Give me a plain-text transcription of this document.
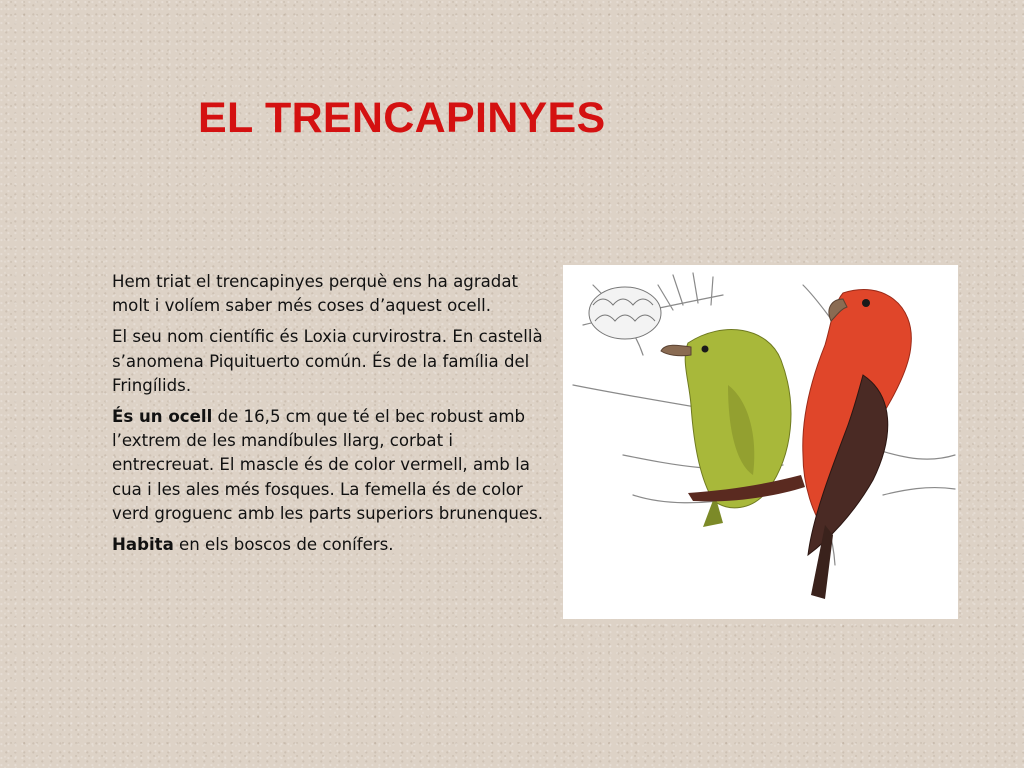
EL TRENCAPINYES

Hem triat el trencapinyes perquè ens ha agradat molt i volíem saber més coses d’aquest ocell.

El seu nom científic és Loxia curvirostra. En castellà s’anomena Piquituerto común. És de la família del Fringílids.

És un ocell de 16,5 cm que té el bec robust amb l’extrem de les mandíbules llarg, corbat i entrecreuat. El mascle és de color vermell, amb la cua i les ales més fosques. La femella és de color verd groguenc amb les parts superiors brunenques.

Habita en els boscos de conífers.
